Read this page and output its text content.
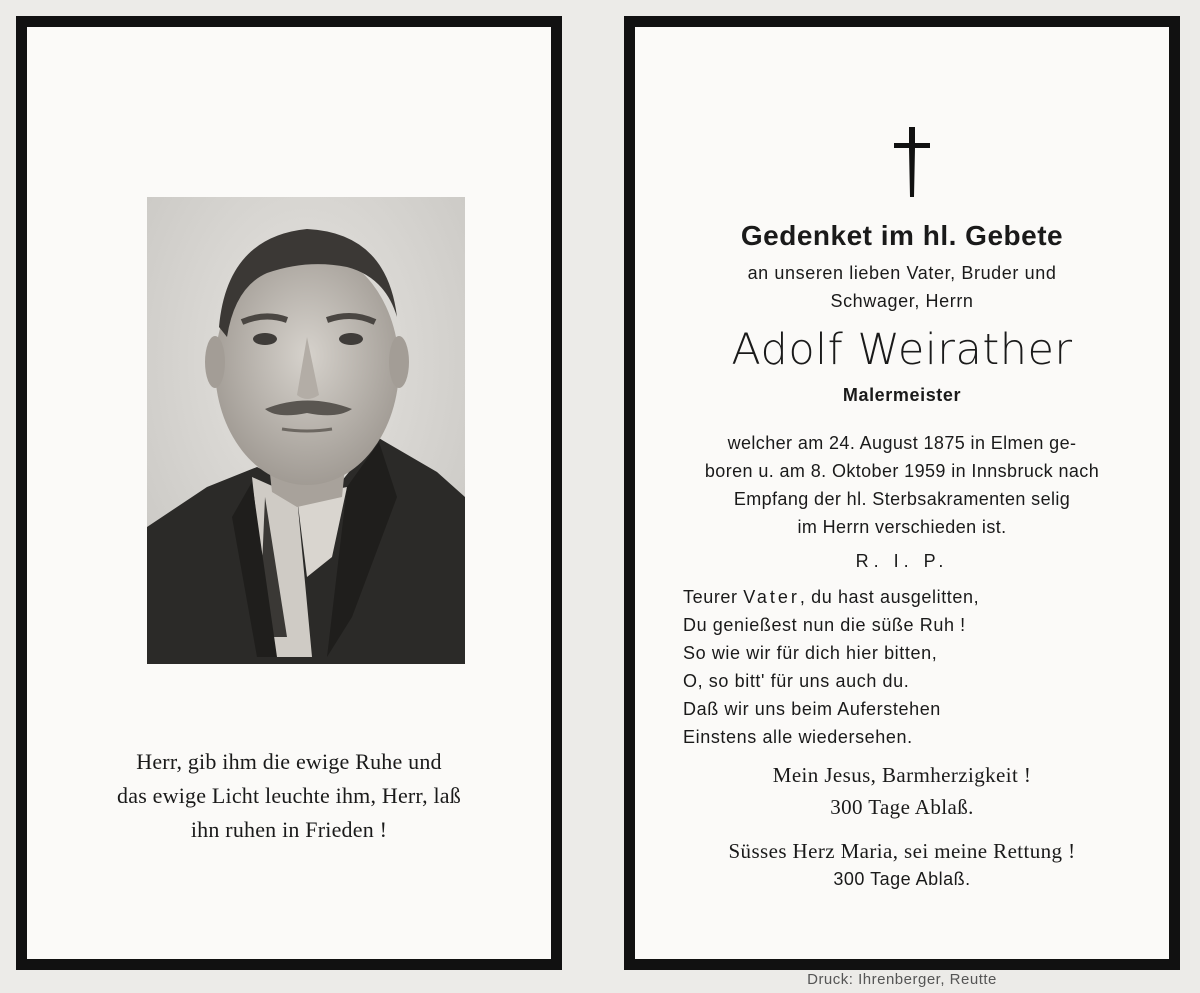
Herr, gib ihm die ewige Ruhe und
das ewige Licht leuchte ihm, Herr, laß
ihn ruhen in Frieden !
Gedenket im hl. Gebete
an unseren lieben Vater, Bruder und
Schwager, Herrn
Adolf Weirather
Malermeister
welcher am 24. August 1875 in Elmen ge-
boren u. am 8. Oktober 1959 in Innsbruck nach
Empfang der hl. Sterbsakramenten selig
im Herrn verschieden ist.
R. I. P.
Teurer Vater, du hast ausgelitten,
Du genießest nun die süße Ruh !
So wie wir für dich hier bitten,
O, so bitt' für uns auch du.
Daß wir uns beim Auferstehen
Einstens alle wiedersehen.
Mein Jesus, Barmherzigkeit !
300 Tage Ablaß.
Süsses Herz Maria, sei meine Rettung !
300 Tage Ablaß.
Druck: Ihrenberger, Reutte
